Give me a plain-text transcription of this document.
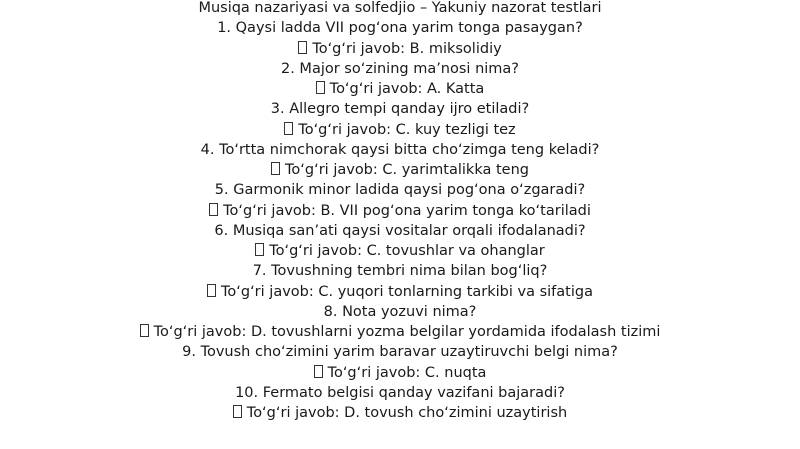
Musiqa nazariyasi va solfedjio – Yakuniy nazorat testlari
1. Qaysi ladda VII pog‘ona yarim tonga pasaygan?
To‘g‘ri javob: B. miksolidiy
2. Major so‘zining ma’nosi nima?
To‘g‘ri javob: A. Katta
3. Allegro tempi qanday ijro etiladi?
To‘g‘ri javob: C. kuy tezligi tez
4. To‘rtta nimchorak qaysi bitta cho‘zimga teng keladi?
To‘g‘ri javob: C. yarimtalikka teng
5. Garmonik minor ladida qaysi pog‘ona o‘zgaradi?
To‘g‘ri javob: B. VII pog‘ona yarim tonga ko‘tariladi
6. Musiqa san’ati qaysi vositalar orqali ifodalanadi?
To‘g‘ri javob: C. tovushlar va ohanglar
7. Tovushning tembri nima bilan bog‘liq?
To‘g‘ri javob: C. yuqori tonlarning tarkibi va sifatiga
8. Nota yozuvi nima?
To‘g‘ri javob: D. tovushlarni yozma belgilar yordamida ifodalash tizimi
9. Tovush cho‘zimini yarim baravar uzaytiruvchi belgi nima?
To‘g‘ri javob: C. nuqta
10. Fermato belgisi qanday vazifani bajaradi?
To‘g‘ri javob: D. tovush cho‘zimini uzaytirish
